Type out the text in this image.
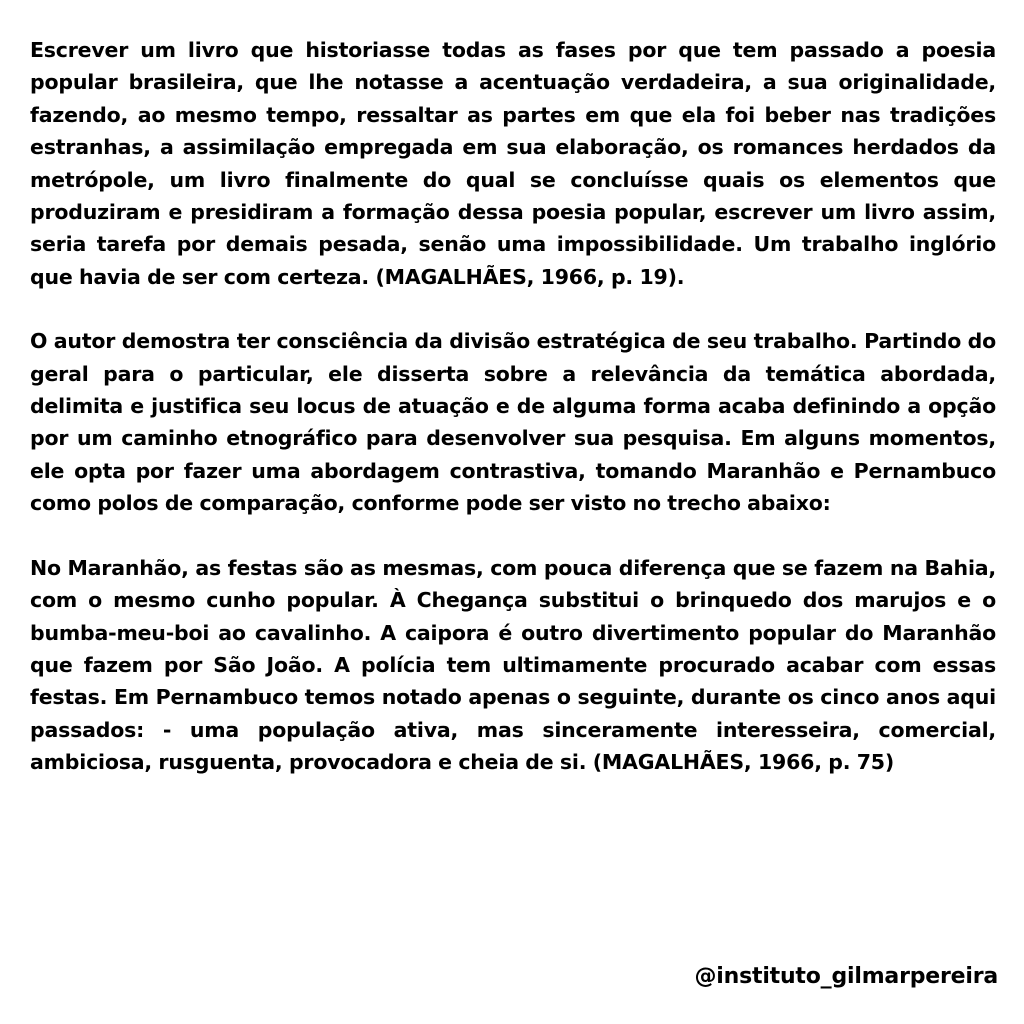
Escrever um livro que historiasse todas as fases por que tem passado a poesia popular brasileira, que lhe notasse a acentuação verdadeira, a sua originalidade, fazendo, ao mesmo tempo, ressaltar as partes em que ela foi beber nas tradições estranhas, a assimilação empregada em sua elaboração, os romances herdados da metrópole, um livro finalmente do qual se concluísse quais os elementos que produziram e presidiram a formação dessa poesia popular, escrever um livro assim, seria tarefa por demais pesada, senão uma impossibilidade. Um trabalho inglório que havia de ser com certeza. (MAGALHÃES, 1966, p. 19).

O autor demostra ter consciência da divisão estratégica de seu trabalho. Partindo do geral para o particular, ele disserta sobre a relevância da temática abordada, delimita e justifica seu locus de atuação e de alguma forma acaba definindo a opção por um caminho etnográfico para desenvolver sua pesquisa. Em alguns momentos, ele opta por fazer uma abordagem contrastiva, tomando Maranhão e Pernambuco como polos de comparação, conforme pode ser visto no trecho abaixo:

No Maranhão, as festas são as mesmas, com pouca diferença que se fazem na Bahia, com o mesmo cunho popular. À Chegança substitui o brinquedo dos marujos e o bumba-meu-boi ao cavalinho. A caipora é outro divertimento popular do Maranhão que fazem por São João. A polícia tem ultimamente procurado acabar com essas festas. Em Pernambuco temos notado apenas o seguinte, durante os cinco anos aqui passados: - uma população ativa, mas sinceramente interesseira, comercial, ambiciosa, rusguenta, provocadora e cheia de si. (MAGALHÃES, 1966, p. 75)

@instituto_gilmarpereira
